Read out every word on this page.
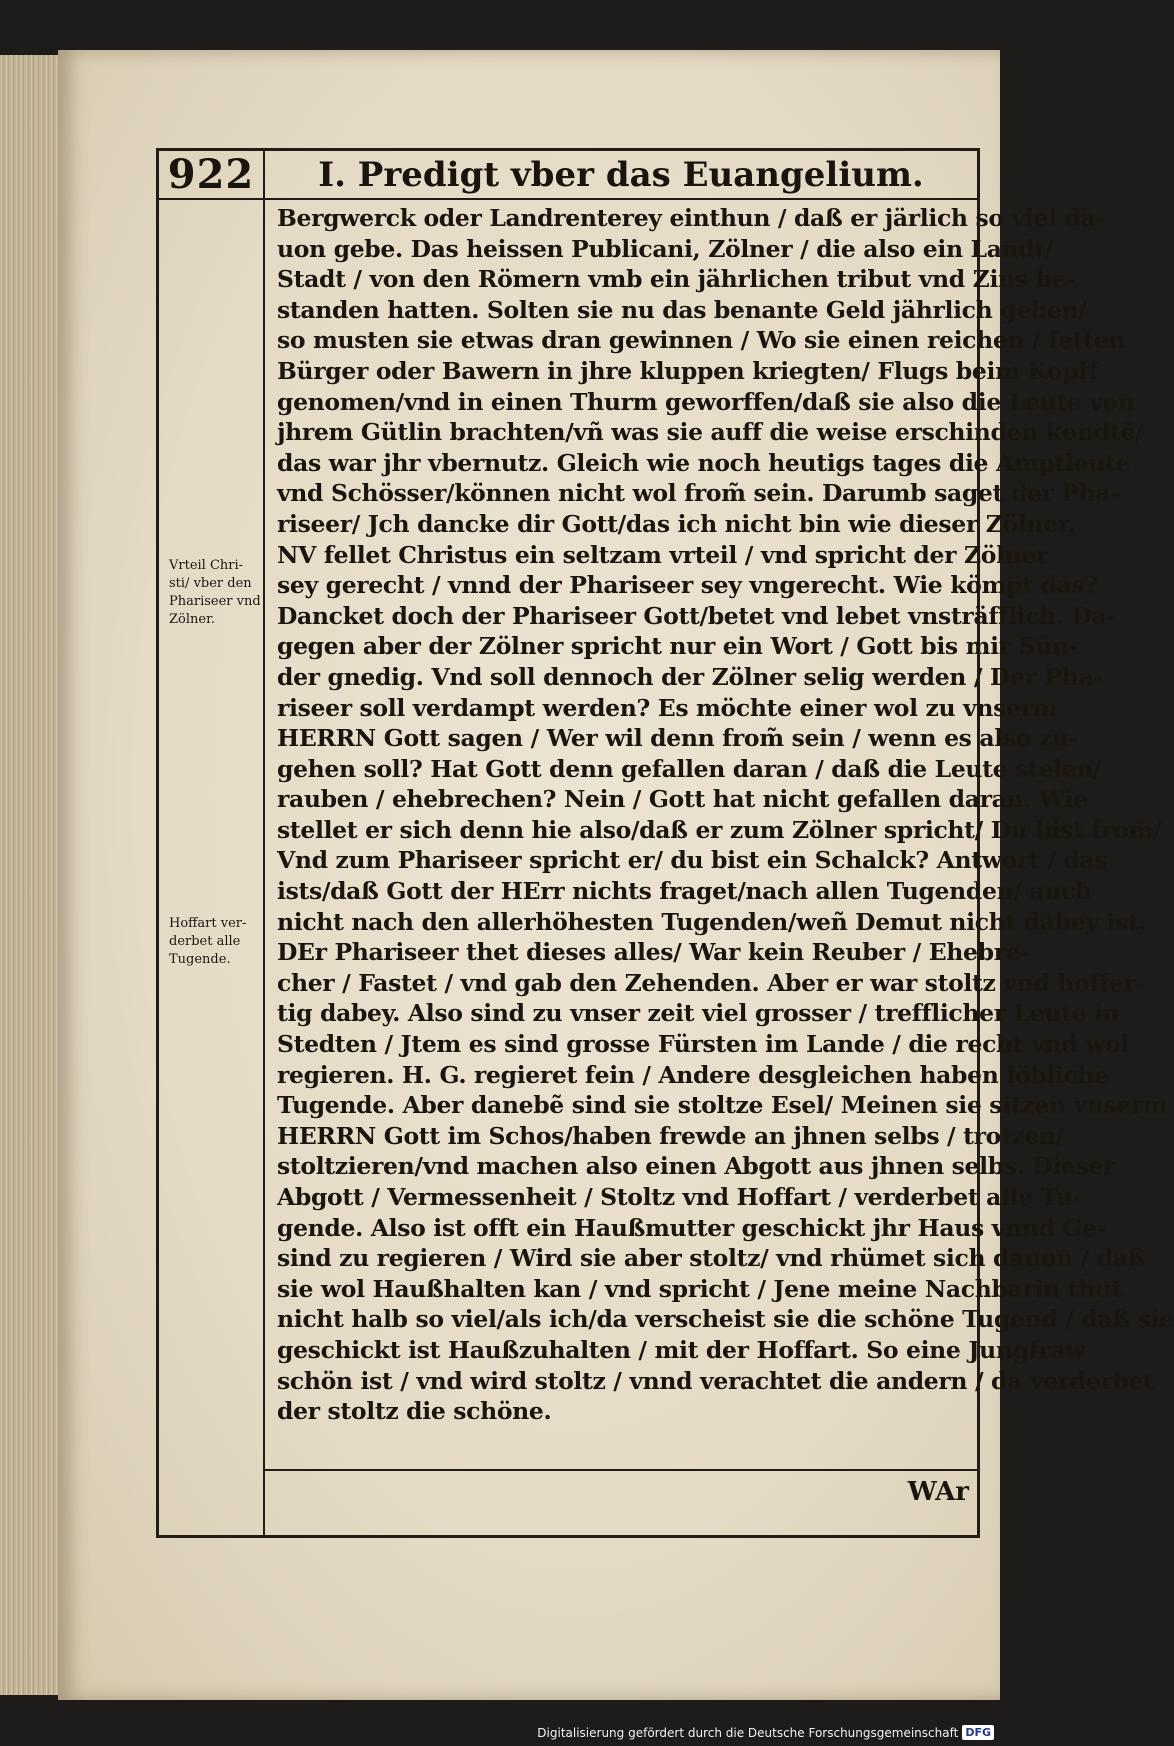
922	I. Predigt vber das Euangelium.
Vrteil Chri-
sti/ vber den
Phariseer vnd
Zölner.
Hoffart ver-
derbet alle
Tugende.
Bergwerck oder Landrenterey einthun / daß er järlich so viel da-
uon gebe. Das heissen Publicani, Zölner / die also ein Landt/
Stadt / von den Römern vmb ein jährlichen tribut vnd Zins be-
standen hatten. Solten sie nu das benante Geld jährlich geben/
so musten sie etwas dran gewinnen / Wo sie einen reichen / fetten
Bürger oder Bawern in jhre kluppen kriegten/ Flugs beim Kopff
genomen/vnd in einen Thurm geworffen/daß sie also die Leute von
jhrem Gütlin brachten/vñ was sie auff die weise erschinden kondtẽ/
das war jhr vbernutz. Gleich wie noch heutigs tages die Amptleute
vnd Schösser/können nicht wol from̃ sein. Darumb saget der Pha-
riseer/ Jch dancke dir Gott/das ich nicht bin wie dieser Zölner.
NV fellet Christus ein seltzam vrteil / vnd spricht der Zölner
sey gerecht / vnnd der Phariseer sey vngerecht. Wie kömpt das?
Dancket doch der Phariseer Gott/betet vnd lebet vnsträfflich. Da-
gegen aber der Zölner spricht nur ein Wort / Gott bis mir Sün-
der gnedig. Vnd soll dennoch der Zölner selig werden / Der Pha-
riseer soll verdampt werden? Es möchte einer wol zu vnserm
HERRN Gott sagen / Wer wil denn from̃ sein / wenn es also zu-
gehen soll? Hat Gott denn gefallen daran / daß die Leute stelen/
rauben / ehebrechen? Nein / Gott hat nicht gefallen daran. Wie
stellet er sich denn hie also/daß er zum Zölner spricht/ Du bist from̃/
Vnd zum Phariseer spricht er/ du bist ein Schalck? Antwort / das
ists/daß Gott der HErr nichts fraget/nach allen Tugenden/ auch
nicht nach den allerhöhesten Tugenden/weñ Demut nicht dabey ist.
DEr Phariseer thet dieses alles/ War kein Reuber / Ehebre-
cher / Fastet / vnd gab den Zehenden. Aber er war stoltz vnd hoffer-
tig dabey. Also sind zu vnser zeit viel grosser / trefflicher Leute in
Stedten / Jtem es sind grosse Fürsten im Lande / die recht vnd wol
regieren. H. G. regieret fein / Andere desgleichen haben löbliche
Tugende. Aber danebẽ sind sie stoltze Esel/ Meinen sie sitzen vnserm
HERRN Gott im Schos/haben frewde an jhnen selbs / trotzen/
stoltzieren/vnd machen also einen Abgott aus jhnen selbs. Dieser
Abgott / Vermessenheit / Stoltz vnd Hoffart / verderbet alle Tu-
gende. Also ist offt ein Haußmutter geschickt jhr Haus vnnd Ge-
sind zu regieren / Wird sie aber stoltz/ vnd rhümet sich dauon / daß
sie wol Haußhalten kan / vnd spricht / Jene meine Nachbarin thut
nicht halb so viel/als ich/da verscheist sie die schöne Tugend / daß sie
geschickt ist Haußzuhalten / mit der Hoffart. So eine Jungfraw
schön ist / vnd wird stoltz / vnnd verachtet die andern / da verderbet
der stoltz die schöne.
WAr
Digitalisierung gefördert durch die Deutsche Forschungsgemeinschaft DFG
